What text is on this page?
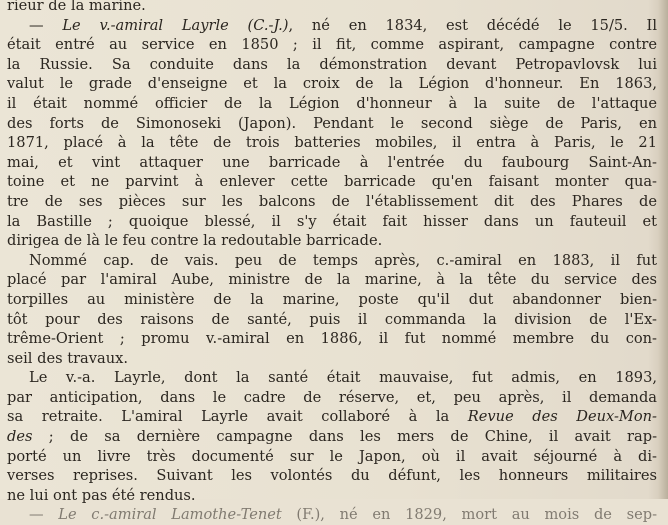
rieur de la marine.
— Le v.-amiral Layrle (C.-J.), né en 1834, est décédé le 15/5. Il
était entré au service en 1850 ; il fit, comme aspirant, campagne contre
la Russie. Sa conduite dans la démonstration devant Petropavlovsk lui
valut le grade d'enseigne et la croix de la Légion d'honneur. En 1863,
il était nommé officier de la Légion d'honneur à la suite de l'attaque
des forts de Simonoseki (Japon). Pendant le second siège de Paris, en
1871, placé à la tête de trois batteries mobiles, il entra à Paris, le 21
mai, et vint attaquer une barricade à l'entrée du faubourg Saint-An-
toine et ne parvint à enlever cette barricade qu'en faisant monter qua-
tre de ses pièces sur les balcons de l'établissement dit des Phares de
la Bastille ; quoique blessé, il s'y était fait hisser dans un fauteuil et
dirigea de là le feu contre la redoutable barricade.
Nommé cap. de vais. peu de temps après, c.-amiral en 1883, il fut
placé par l'amiral Aube, ministre de la marine, à la tête du service des
torpilles au ministère de la marine, poste qu'il dut abandonner bien-
tôt pour des raisons de santé, puis il commanda la division de l'Ex-
trême-Orient ; promu v.-amiral en 1886, il fut nommé membre du con-
seil des travaux.
Le v.-a. Layrle, dont la santé était mauvaise, fut admis, en 1893,
par anticipation, dans le cadre de réserve, et, peu après, il demanda
sa retraite. L'amiral Layrle avait collaboré à la Revue des Deux-Mon-
des ; de sa dernière campagne dans les mers de Chine, il avait rap-
porté un livre très documenté sur le Japon, où il avait séjourné à di-
verses reprises. Suivant les volontés du défunt, les honneurs militaires
ne lui ont pas été rendus.
— Le c.-amiral Lamothe-Tenet (F.), né en 1829, mort au mois de sep-
